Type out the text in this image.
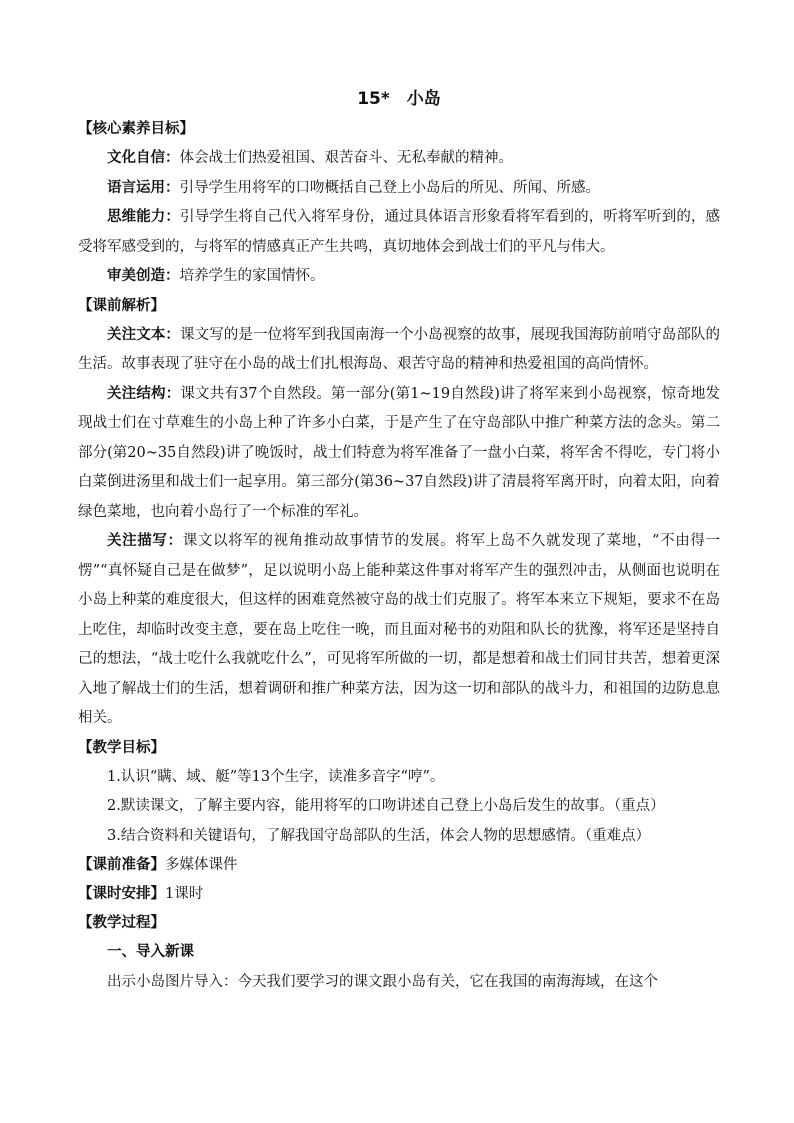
15*　小岛
【核心素养目标】

文化自信：体会战士们热爱祖国、艰苦奋斗、无私奉献的精神。

语言运用：引导学生用将军的口吻概括自己登上小岛后的所见、所闻、所感。

思维能力：引导学生将自己代入将军身份，通过具体语言形象看将军看到的，听将军听到的，感受将军感受到的，与将军的情感真正产生共鸣，真切地体会到战士们的平凡与伟大。

审美创造：培养学生的家国情怀。

【课前解析】

关注文本：课文写的是一位将军到我国南海一个小岛视察的故事，展现我国海防前哨守岛部队的生活。故事表现了驻守在小岛的战士们扎根海岛、艰苦守岛的精神和热爱祖国的高尚情怀。

关注结构：课文共有37个自然段。第一部分(第1~19自然段)讲了将军来到小岛视察，惊奇地发现战士们在寸草难生的小岛上种了许多小白菜，于是产生了在守岛部队中推广种菜方法的念头。第二部分(第20~35自然段)讲了晚饭时，战士们特意为将军准备了一盘小白菜，将军舍不得吃，专门将小白菜倒进汤里和战士们一起享用。第三部分(第36~37自然段)讲了清晨将军离开时，向着太阳，向着绿色菜地，也向着小岛行了一个标准的军礼。

关注描写：课文以将军的视角推动故事情节的发展。将军上岛不久就发现了菜地，“不由得一愣”“真怀疑自己是在做梦”，足以说明小岛上能种菜这件事对将军产生的强烈冲击，从侧面也说明在小岛上种菜的难度很大，但这样的困难竟然被守岛的战士们克服了。将军本来立下规矩，要求不在岛上吃住，却临时改变主意，要在岛上吃住一晚，而且面对秘书的劝阻和队长的犹豫，将军还是坚持自己的想法，“战士吃什么我就吃什么”，可见将军所做的一切，都是想着和战士们同甘共苦，想着更深入地了解战士们的生活，想着调研和推广种菜方法，因为这一切和部队的战斗力，和祖国的边防息息相关。

【教学目标】

1.认识“瞒、域、艇”等13个生字，读准多音字“哼”。

2.默读课文，了解主要内容，能用将军的口吻讲述自己登上小岛后发生的故事。（重点）

3.结合资料和关键语句，了解我国守岛部队的生活，体会人物的思想感情。（重难点）

【课前准备】多媒体课件
【课时安排】1课时
【教学过程】

一、导入新课

出示小岛图片导入：今天我们要学习的课文跟小岛有关，它在我国的南海海域，在这个
